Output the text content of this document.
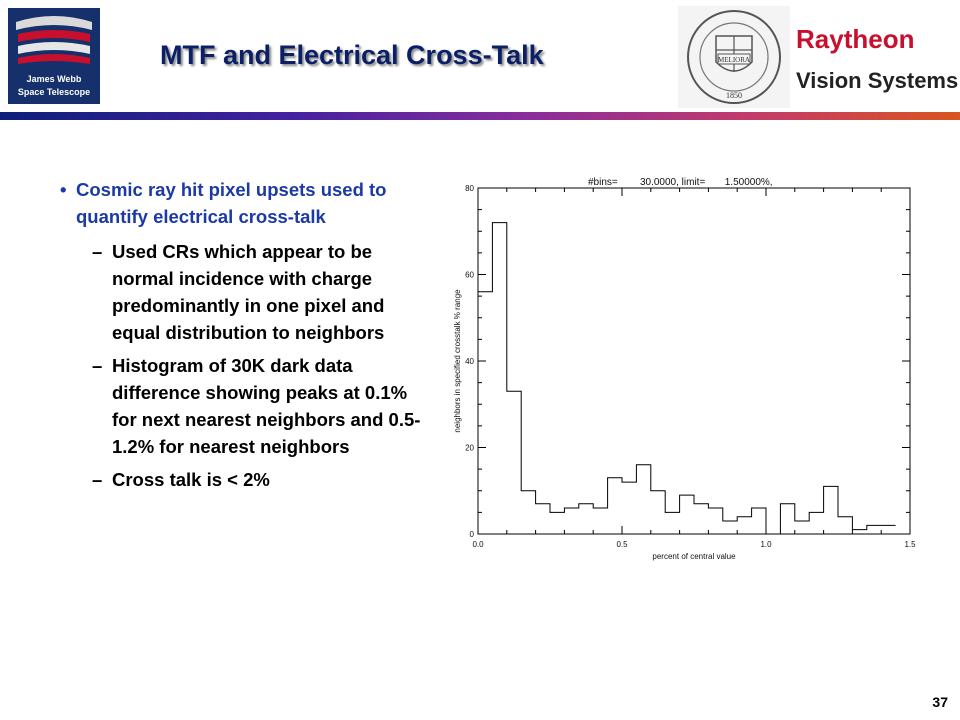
James Webb
Space Telescope
MTF and Electrical Cross-Talk	MELIORA
1850
Raytheon
Vision Systems
• Cosmic ray hit pixel upsets used to quantify electrical cross-talk
– Used CRs which appear to be normal incidence with charge predominantly in one pixel and equal distribution to neighbors
– Histogram of 30K dark data difference showing peaks at 0.1% for next nearest neighbors and 0.5-1.2% for nearest neighbors
– Cross talk is < 2%
#bins=        30.0000, limit=       1.50000%,
0.0	0.5	1.0	1.5
0
20
40
60
80
percent of central value
neighbors in specified crosstalk % range
37
